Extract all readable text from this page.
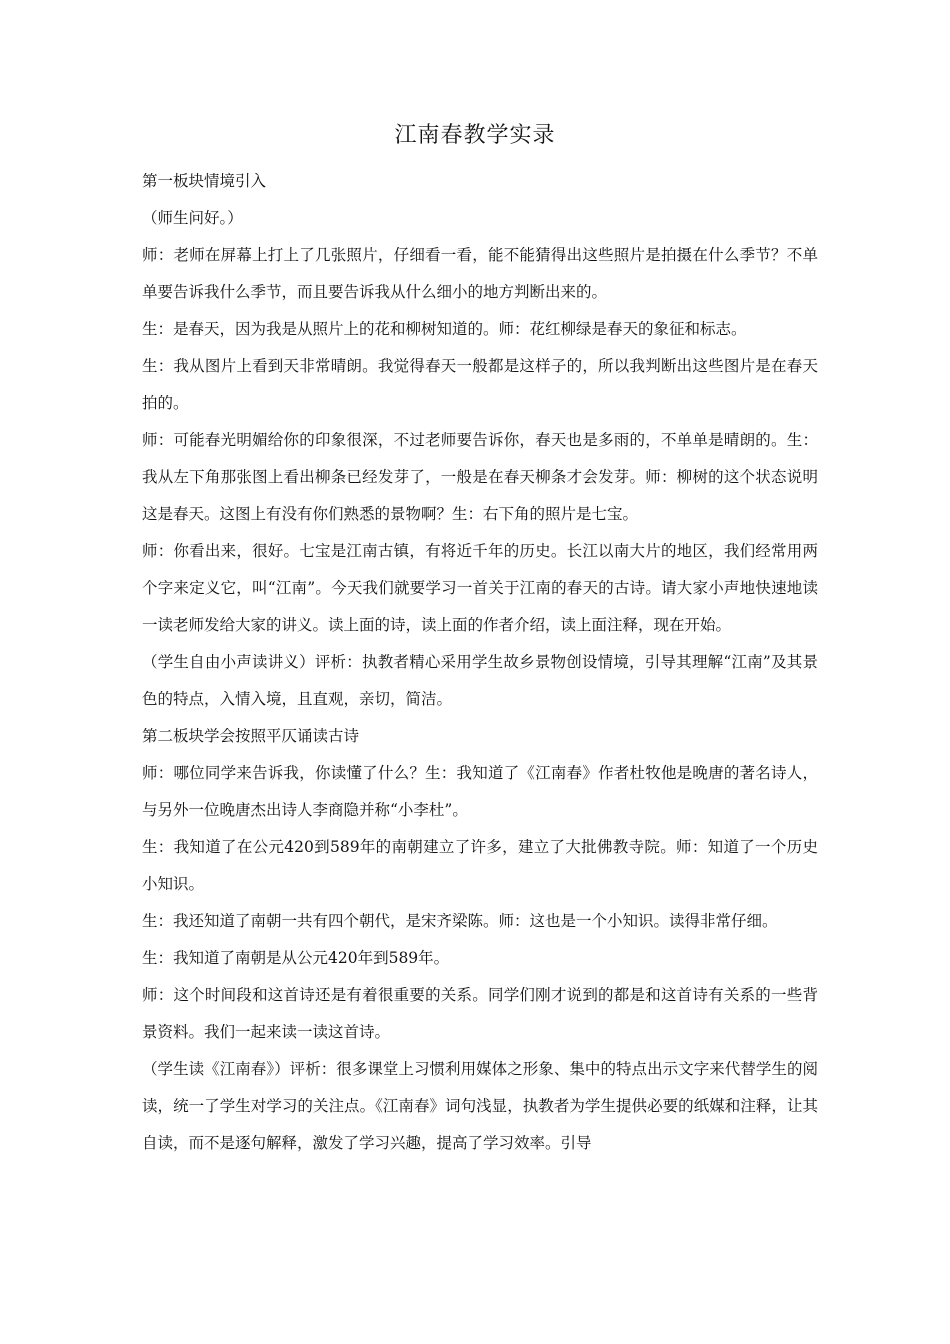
江南春教学实录

第一板块情境引入

（师生问好。）

师：老师在屏幕上打上了几张照片，仔细看一看，能不能猜得出这些照片是拍摄在什么季节？不单单要告诉我什么季节，而且要告诉我从什么细小的地方判断出来的。

生：是春天，因为我是从照片上的花和柳树知道的。师：花红柳绿是春天的象征和标志。

生：我从图片上看到天非常晴朗。我觉得春天一般都是这样子的，所以我判断出这些图片是在春天拍的。

师：可能春光明媚给你的印象很深，不过老师要告诉你，春天也是多雨的，不单单是晴朗的。生：我从左下角那张图上看出柳条已经发芽了，一般是在春天柳条才会发芽。师：柳树的这个状态说明这是春天。这图上有没有你们熟悉的景物啊？生：右下角的照片是七宝。

师：你看出来，很好。七宝是江南古镇，有将近千年的历史。长江以南大片的地区，我们经常用两个字来定义它，叫“江南”。今天我们就要学习一首关于江南的春天的古诗。请大家小声地快速地读一读老师发给大家的讲义。读上面的诗，读上面的作者介绍，读上面注释，现在开始。

（学生自由小声读讲义）评析：执教者精心采用学生故乡景物创设情境，引导其理解“江南”及其景色的特点，入情入境，且直观，亲切，简洁。

第二板块学会按照平仄诵读古诗

师：哪位同学来告诉我，你读懂了什么？生：我知道了《江南春》作者杜牧他是晚唐的著名诗人，与另外一位晚唐杰出诗人李商隐并称“小李杜”。

生：我知道了在公元420到589年的南朝建立了许多，建立了大批佛教寺院。师：知道了一个历史小知识。

生：我还知道了南朝一共有四个朝代，是宋齐梁陈。师：这也是一个小知识。读得非常仔细。

生：我知道了南朝是从公元420年到589年。

师：这个时间段和这首诗还是有着很重要的关系。同学们刚才说到的都是和这首诗有关系的一些背景资料。我们一起来读一读这首诗。

（学生读《江南春》）评析：很多课堂上习惯利用媒体之形象、集中的特点出示文字来代替学生的阅读，统一了学生对学习的关注点。《江南春》词句浅显，执教者为学生提供必要的纸媒和注释，让其自读，而不是逐句解释，激发了学习兴趣，提高了学习效率。引导
